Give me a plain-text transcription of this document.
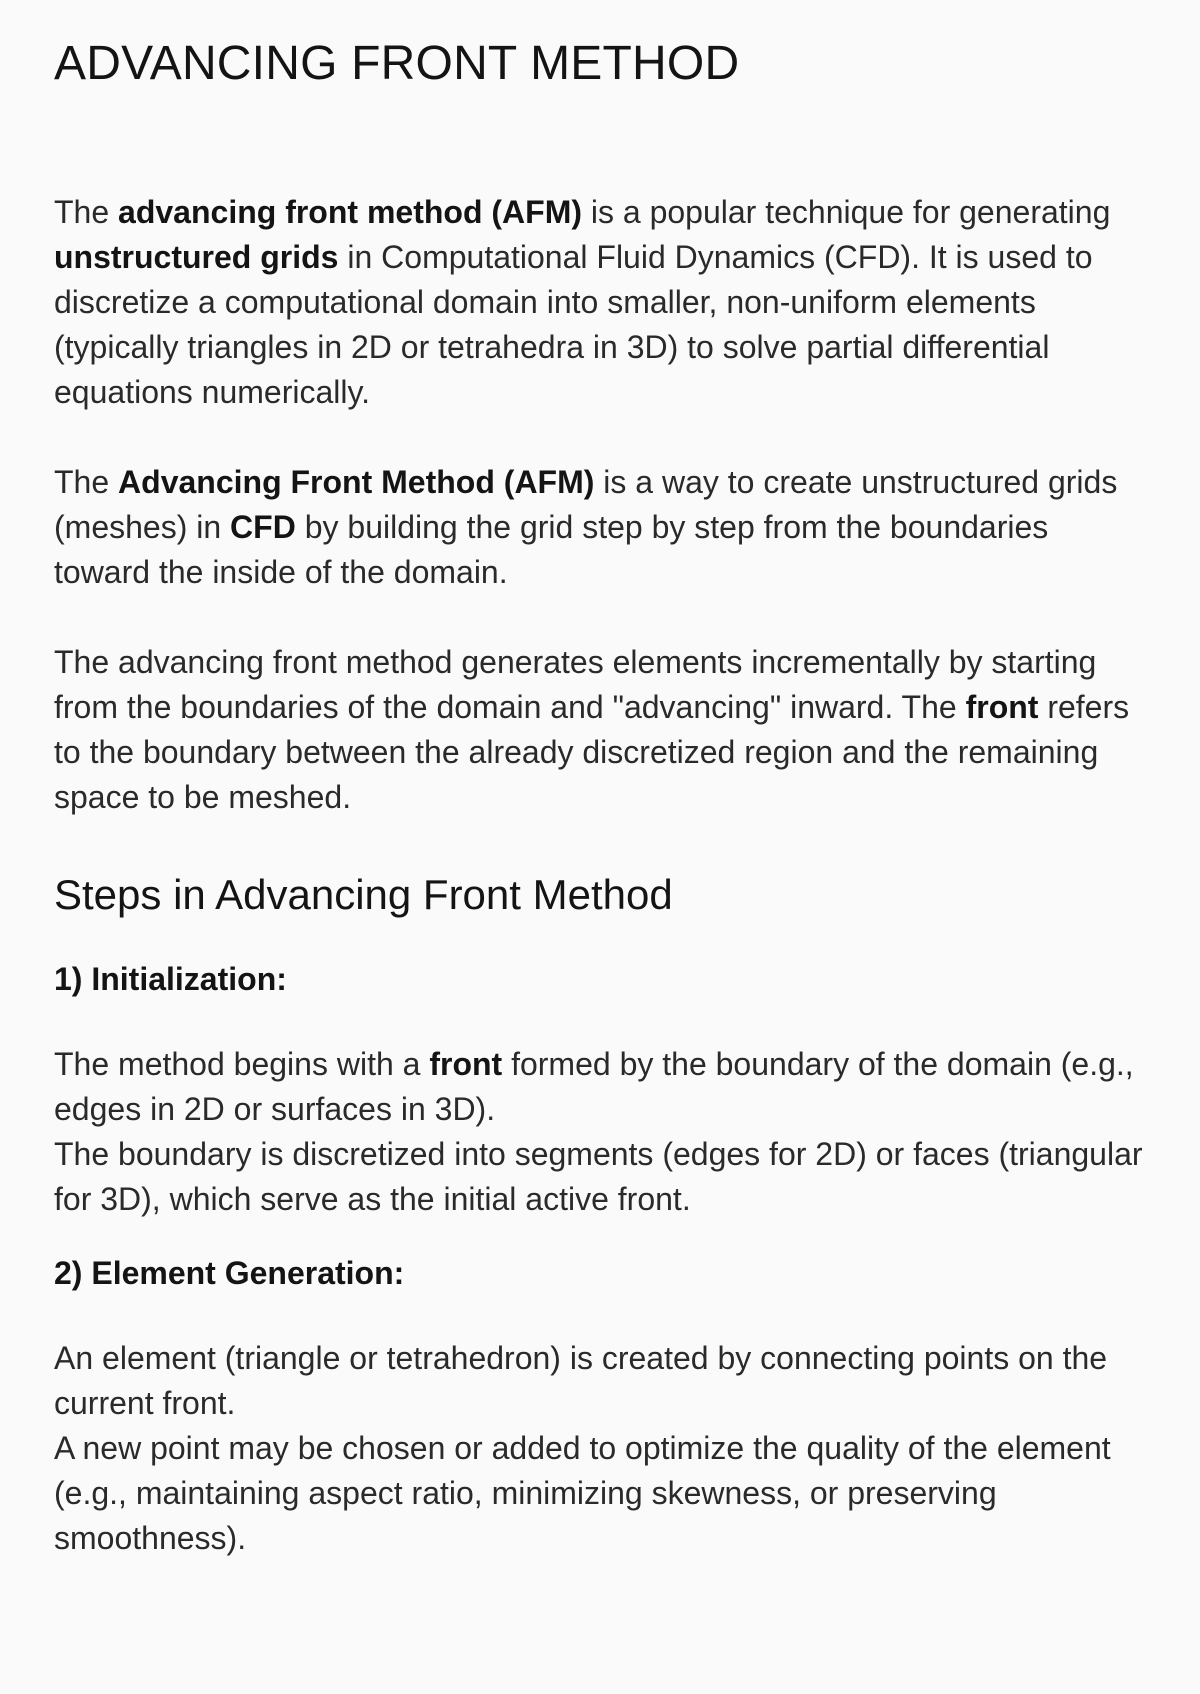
ADVANCING FRONT METHOD

The advancing front method (AFM) is a popular technique for generating unstructured grids in Computational Fluid Dynamics (CFD). It is used to discretize a computational domain into smaller, non-uniform elements (typically triangles in 2D or tetrahedra in 3D) to solve partial differential equations numerically.

The Advancing Front Method (AFM) is a way to create unstructured grids (meshes) in CFD by building the grid step by step from the boundaries toward the inside of the domain.

The advancing front method generates elements incrementally by starting from the boundaries of the domain and "advancing" inward. The front refers to the boundary between the already discretized region and the remaining space to be meshed.

Steps in Advancing Front Method
1) Initialization:

The method begins with a front formed by the boundary of the domain (e.g., edges in 2D or surfaces in 3D).

The boundary is discretized into segments (edges for 2D) or faces (triangular for 3D), which serve as the initial active front.

2) Element Generation:

An element (triangle or tetrahedron) is created by connecting points on the current front.

A new point may be chosen or added to optimize the quality of the element (e.g., maintaining aspect ratio, minimizing skewness, or preserving smoothness).
